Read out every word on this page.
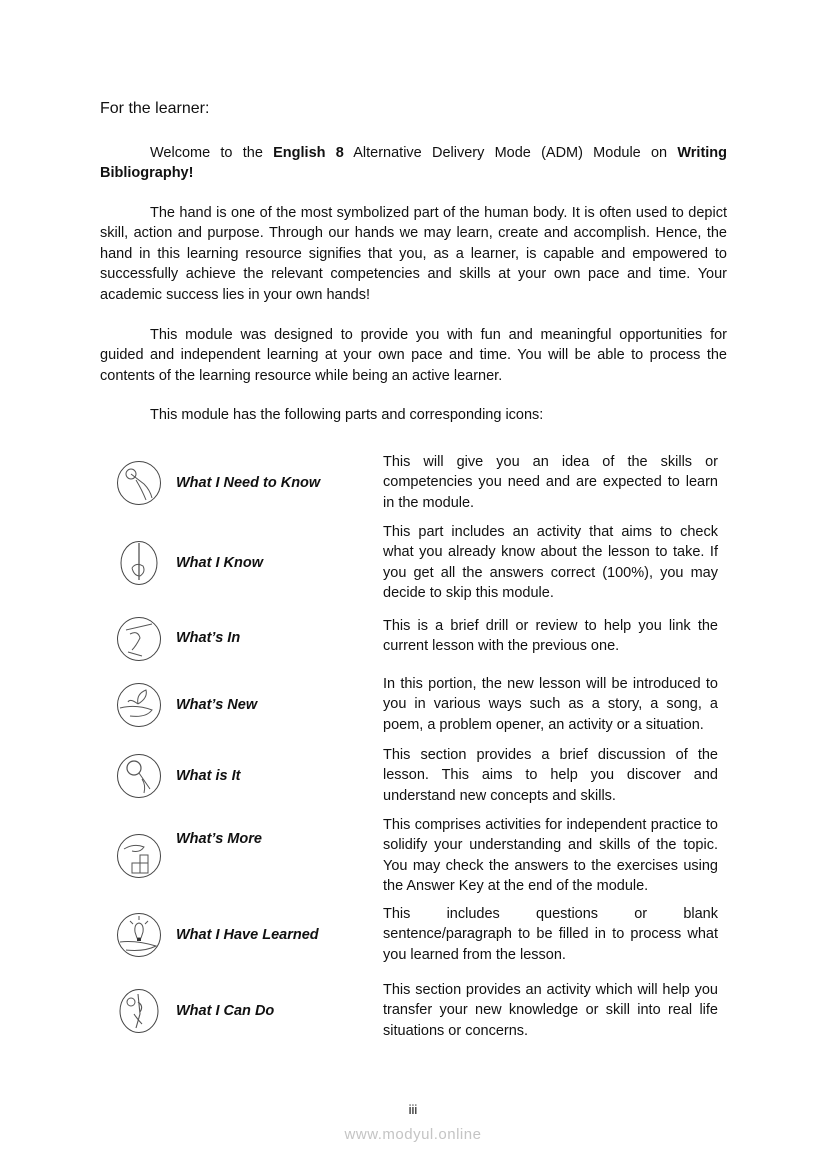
For the learner:
Welcome to the English 8 Alternative Delivery Mode (ADM) Module on Writing Bibliography!
The hand is one of the most symbolized part of the human body. It is often used to depict skill, action and purpose. Through our hands we may learn, create and accomplish. Hence, the hand in this learning resource signifies that you, as a learner, is capable and empowered to successfully achieve the relevant competencies and skills at your own pace and time. Your academic success lies in your own hands!
This module was designed to provide you with fun and meaningful opportunities for guided and independent learning at your own pace and time. You will be able to process the contents of the learning resource while being an active learner.
This module has the following parts and corresponding icons:
What I Need to Know
This will give you an idea of the skills or competencies you need and are expected to learn in the module.
What I Know
This part includes an activity that aims to check what you already know about the lesson to take. If you get all the answers correct (100%), you may decide to skip this module.
What’s In
This is a brief drill or review to help you link the current lesson with the previous one.
What’s New
In this portion, the new lesson will be introduced to you in various ways such as a story, a song, a poem, a problem opener, an activity or a situation.
What is It
This section provides a brief discussion of the lesson. This aims to help you discover and understand new concepts and skills.
What’s More
This comprises activities for independent practice to solidify your understanding and skills of the topic. You may check the answers to the exercises using the Answer Key at the end of the module.
What I Have Learned
This includes questions or blank sentence/paragraph to be filled in to process what you learned from the lesson.
What I Can Do
This section provides an activity which will help you transfer your new knowledge or skill into real life situations or concerns.
iii
www.modyul.online
